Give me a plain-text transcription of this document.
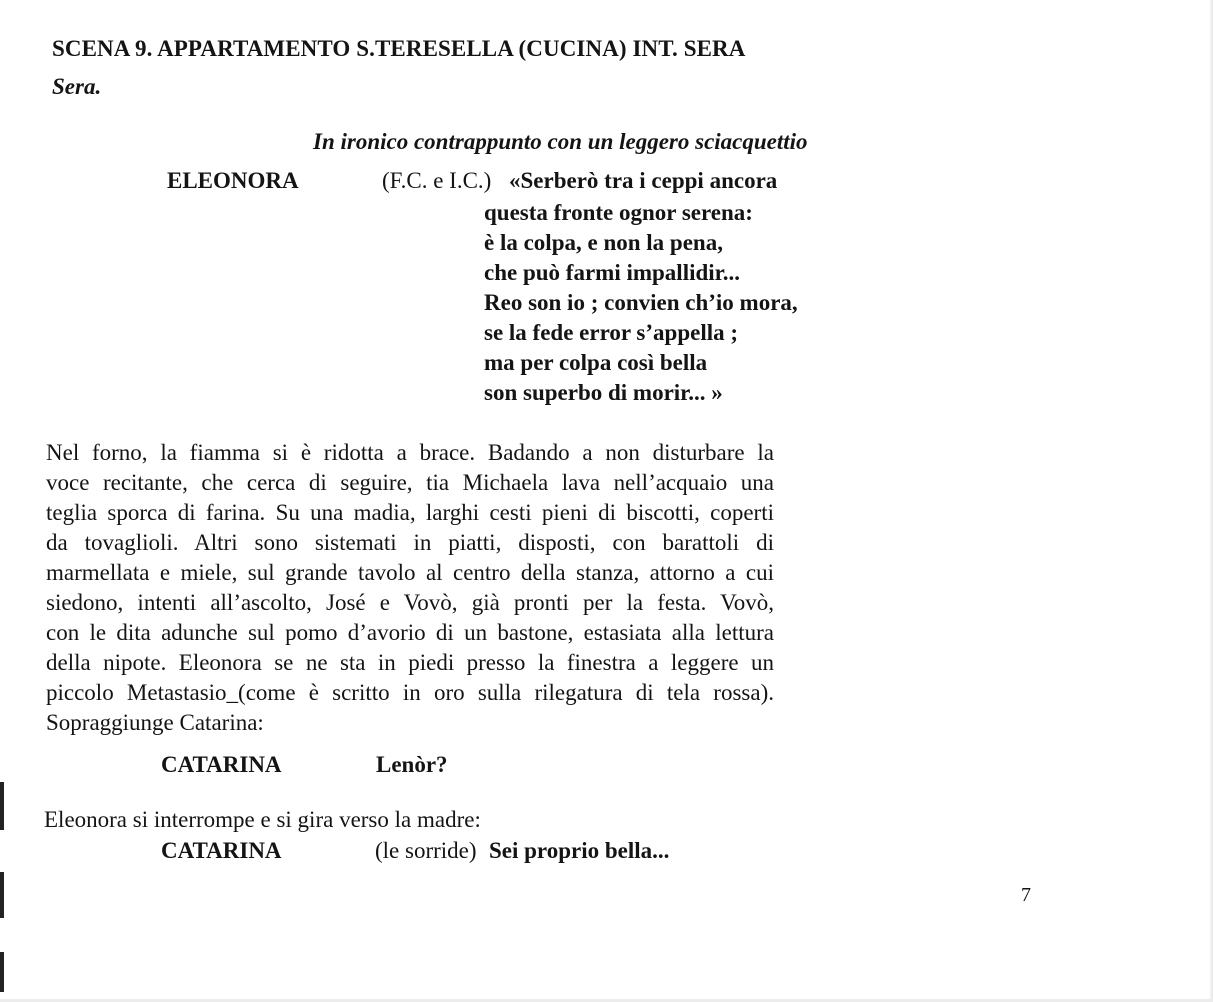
SCENA 9. APPARTAMENTO S.TERESELLA (CUCINA) INT. SERA
Sera.
In ironico contrappunto con un leggero sciacquettio
ELEONORA	(F.C. e I.C.) «Serberò tra i ceppi ancora
questa fronte ognor serena:
è la colpa, e non la pena,
che può farmi impallidir...
Reo son io ; convien ch’io mora,
se la fede error s’appella ;
ma per colpa così bella
son superbo di morir... »
Nel forno, la fiamma si è ridotta a brace. Badando a non disturbare la
voce recitante, che cerca di seguire, tia Michaela lava nell’acquaio una
teglia sporca di farina. Su una madia, larghi cesti pieni di biscotti, coperti
da tovaglioli. Altri sono sistemati in piatti, disposti, con barattoli di
marmellata e miele, sul grande tavolo al centro della stanza, attorno a cui
siedono, intenti all’ascolto, José e Vovò, già pronti per la festa. Vovò,
con le dita adunche sul pomo d’avorio di un bastone, estasiata alla lettura
della nipote. Eleonora se ne sta in piedi presso la finestra a leggere un
piccolo Metastasio_(come è scritto in oro sulla rilegatura di tela rossa).
Sopraggiunge Catarina:
CATARINA	Lenòr?
Eleonora si interrompe e si gira verso la madre:
CATARINA	(le sorride) Sei proprio bella...
7
